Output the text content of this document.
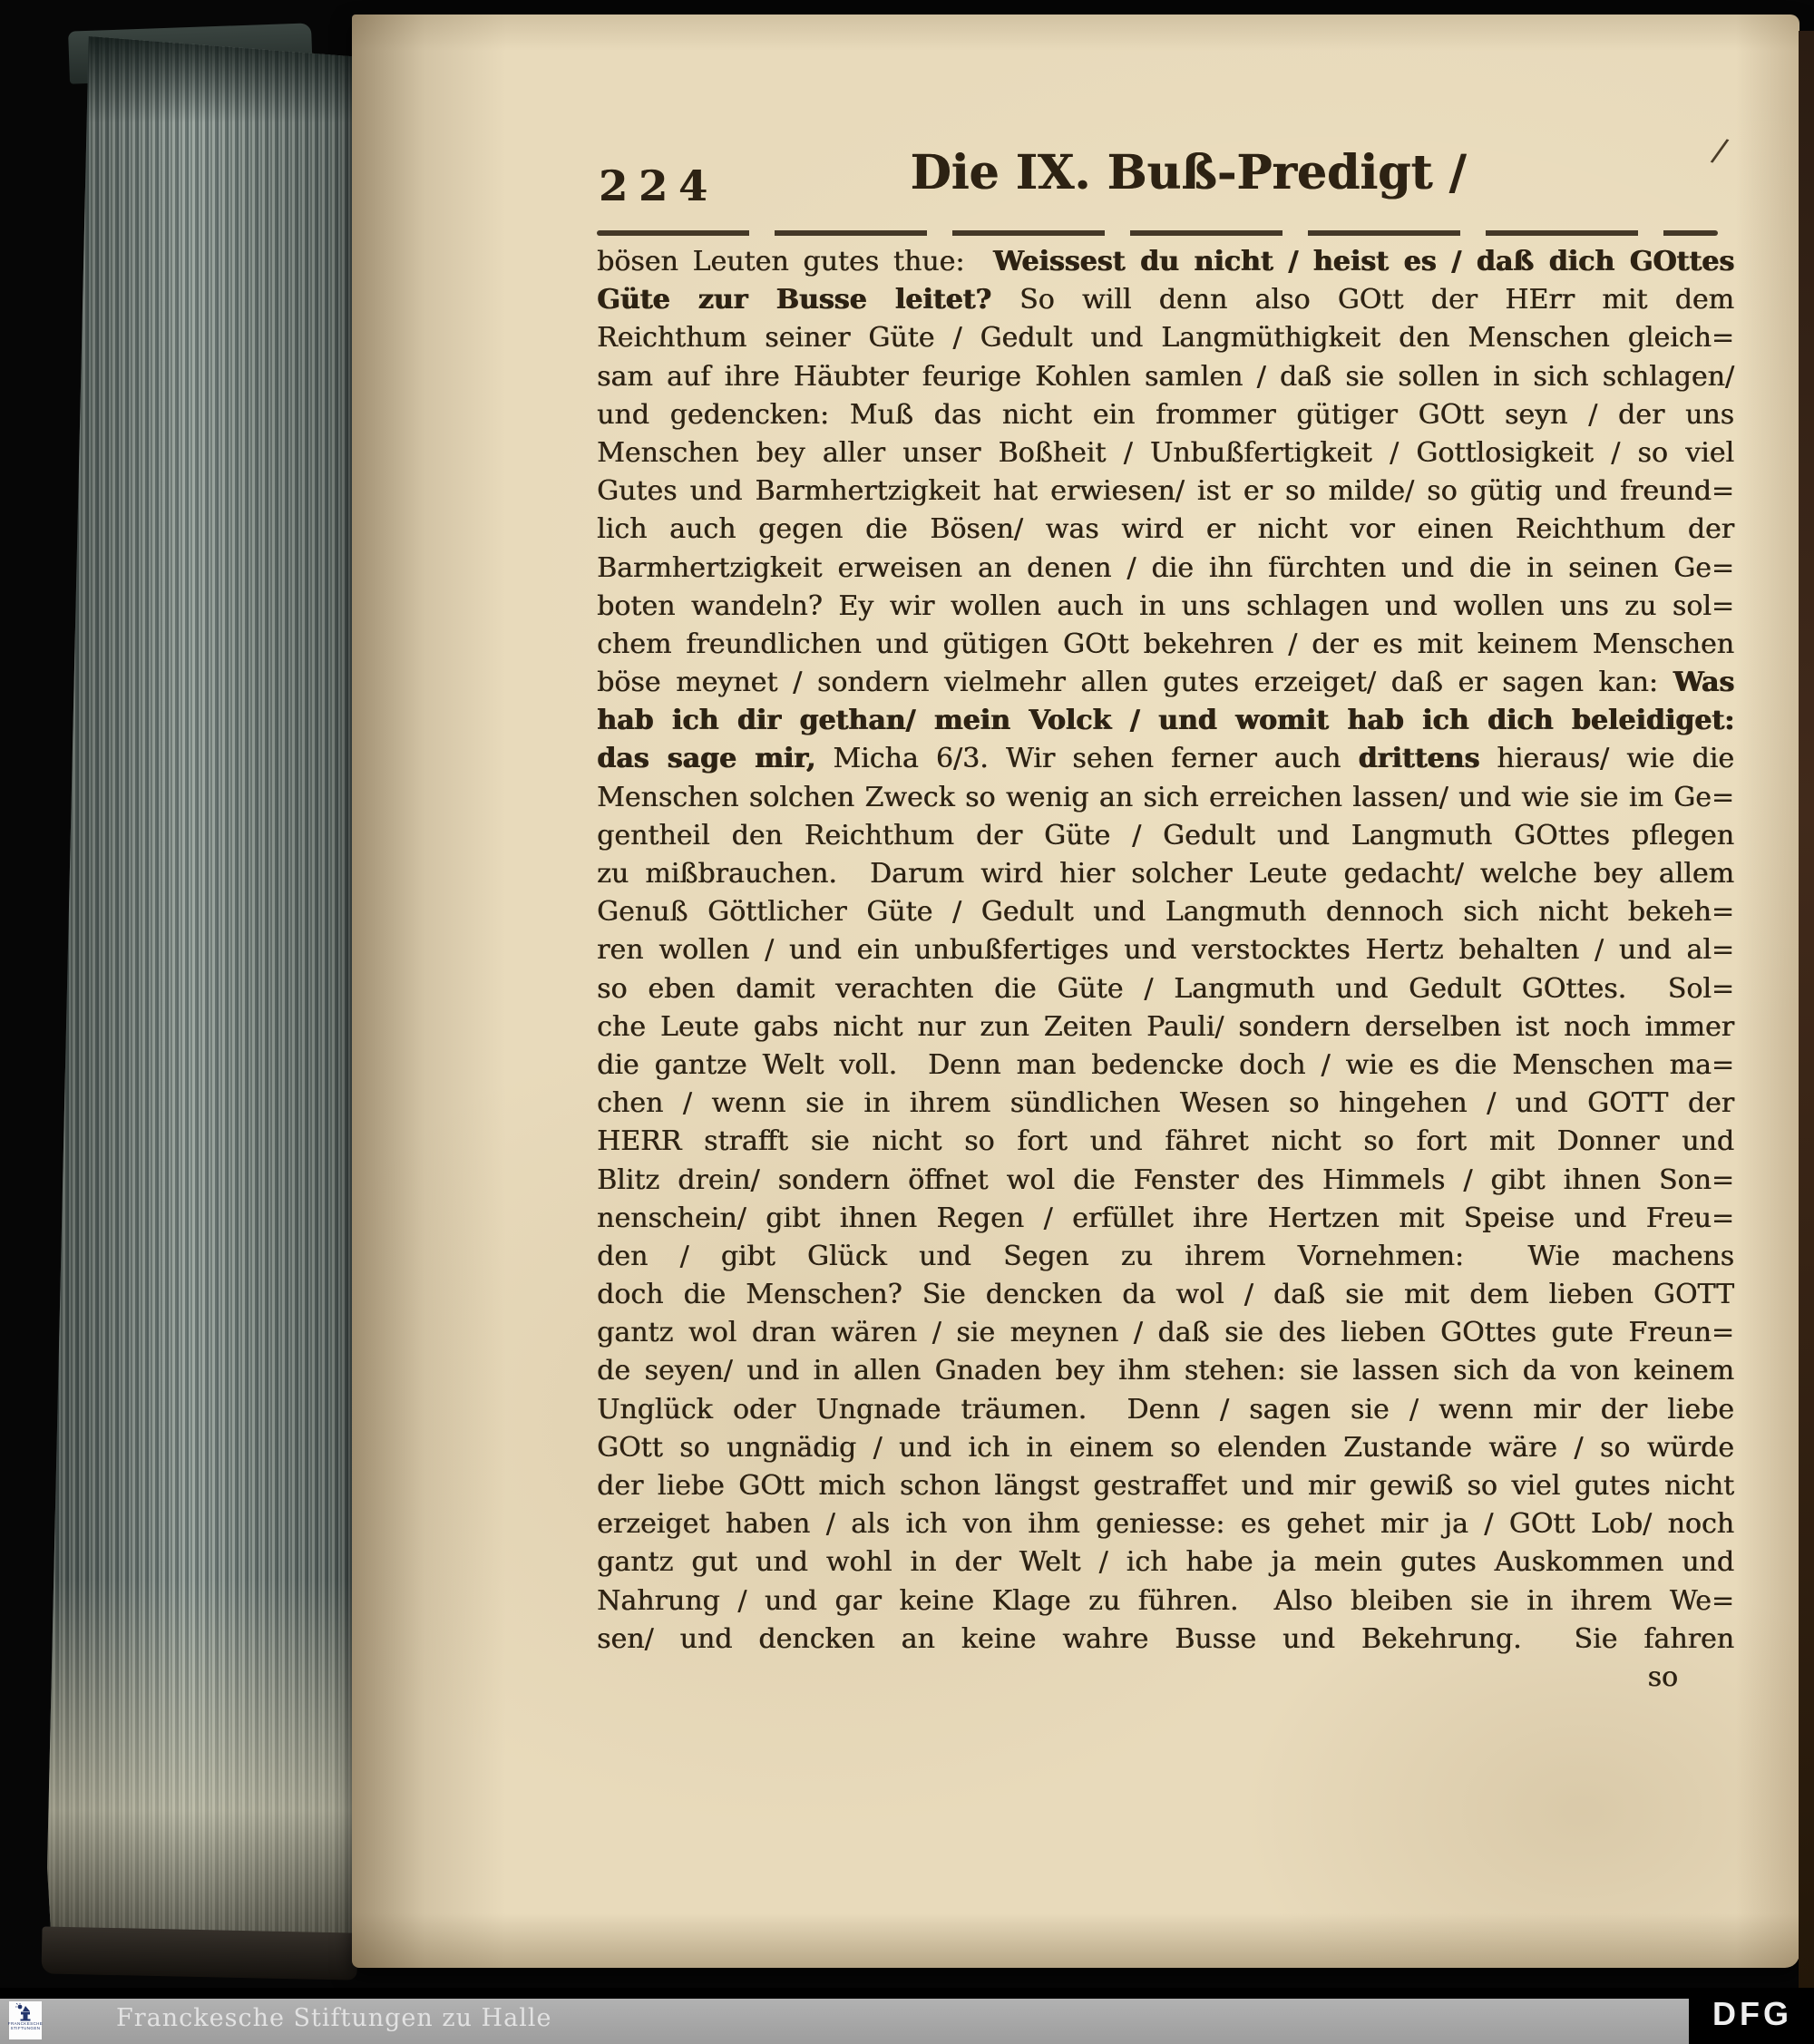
224	Die IX. Buß-Predigt /	/
bösen Leuten gutes thue:  Weissest du nicht / heist es / daß dich GOttes
Güte zur Busse leitet? So will denn also GOtt der HErr mit dem
Reichthum seiner Güte / Gedult und Langmüthigkeit den Menschen gleich=
sam auf ihre Häubter feurige Kohlen samlen / daß sie sollen in sich schlagen/
und gedencken: Muß das nicht ein frommer gütiger GOtt seyn / der uns
Menschen bey aller unser Boßheit / Unbußfertigkeit / Gottlosigkeit / so viel
Gutes und Barmhertzigkeit hat erwiesen/ ist er so milde/ so gütig und freund=
lich auch gegen die Bösen/ was wird er nicht vor einen Reichthum der
Barmhertzigkeit erweisen an denen / die ihn fürchten und die in seinen Ge=
boten wandeln? Ey wir wollen auch in uns schlagen und wollen uns zu sol=
chem freundlichen und gütigen GOtt bekehren / der es mit keinem Menschen
böse meynet / sondern vielmehr allen gutes erzeiget/ daß er sagen kan: Was
hab ich dir gethan/ mein Volck / und womit hab ich dich beleidiget:
das sage mir, Micha 6/3. Wir sehen ferner auch drittens hieraus/ wie die
Menschen solchen Zweck so wenig an sich erreichen lassen/ und wie sie im Ge=
gentheil den Reichthum der Güte / Gedult und Langmuth GOttes pflegen
zu mißbrauchen.  Darum wird hier solcher Leute gedacht/ welche bey allem
Genuß Göttlicher Güte / Gedult und Langmuth dennoch sich nicht bekeh=
ren wollen / und ein unbußfertiges und verstocktes Hertz behalten / und al=
so eben damit verachten die Güte / Langmuth und Gedult GOttes.  Sol=
che Leute gabs nicht nur zun Zeiten Pauli/ sondern derselben ist noch immer
die gantze Welt voll.  Denn man bedencke doch / wie es die Menschen ma=
chen / wenn sie in ihrem sündlichen Wesen so hingehen / und GOTT der
HERR strafft sie nicht so fort und fähret nicht so fort mit Donner und
Blitz drein/ sondern öffnet wol die Fenster des Himmels / gibt ihnen Son=
nenschein/ gibt ihnen Regen / erfüllet ihre Hertzen mit Speise und Freu=
den / gibt Glück und Segen zu ihrem Vornehmen:  Wie machens
doch die Menschen? Sie dencken da wol / daß sie mit dem lieben GOTT
gantz wol dran wären / sie meynen / daß sie des lieben GOttes gute Freun=
de seyen/ und in allen Gnaden bey ihm stehen: sie lassen sich da von keinem
Unglück oder Ungnade träumen.  Denn / sagen sie / wenn mir der liebe
GOtt so ungnädig / und ich in einem so elenden Zustande wäre / so würde
der liebe GOtt mich schon längst gestraffet und mir gewiß so viel gutes nicht
erzeiget haben / als ich von ihm geniesse: es gehet mir ja / GOtt Lob/ noch
gantz gut und wohl in der Welt / ich habe ja mein gutes Auskommen und
Nahrung / und gar keine Klage zu führen.  Also bleiben sie in ihrem We=
sen/ und dencken an keine wahre Busse und Bekehrung.  Sie fahren
so
FRANCKESCHE
STIFTUNGEN	Franckesche Stiftungen zu Halle	DFG
